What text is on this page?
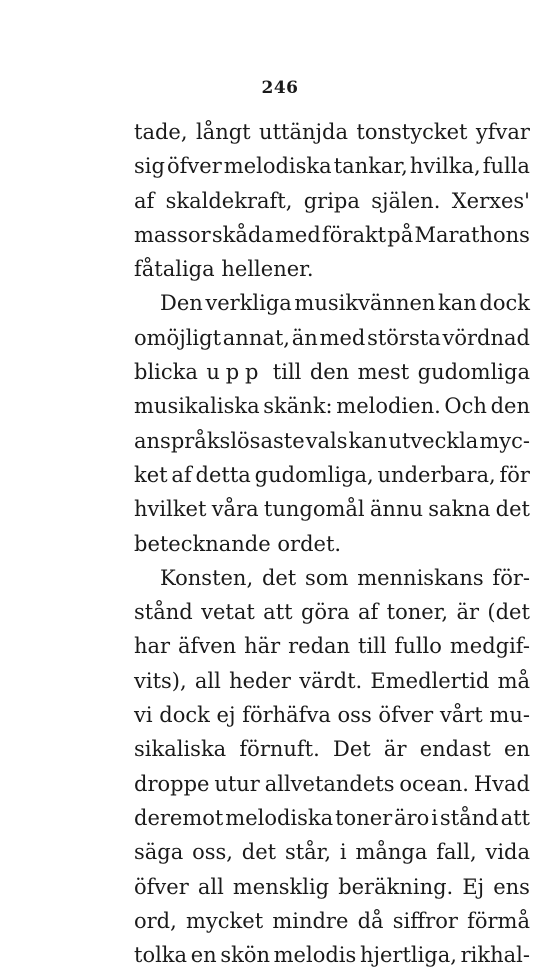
246
tade, långt uttänjda tonstycket yfvar
sig öfver melodiska tankar, hvilka, fulla
af skaldekraft, gripa själen. Xerxes'
massor skåda med förakt på Marathons
fåtaliga hellener.
Den verkliga musikvännen kan dock
omöjligt annat, än med största vördnad
blicka upp till den mest gudomliga
musikaliska skänk: melodien. Och den
anspråkslösaste vals kan utveckla myc-
ket af detta gudomliga, underbara, för
hvilket våra tungomål ännu sakna det
betecknande ordet.
Konsten, det som menniskans för-
stånd vetat att göra af toner, är (det
har äfven här redan till fullo medgif-
vits), all heder värdt. Emedlertid må
vi dock ej förhäfva oss öfver vårt mu-
sikaliska förnuft. Det är endast en
droppe utur allvetandets ocean. Hvad
deremot melodiska toner äro i stånd att
säga oss, det står, i många fall, vida
öfver all mensklig beräkning. Ej ens
ord, mycket mindre då siffror förmå
tolka en skön melodis hjertliga, rikhal-
